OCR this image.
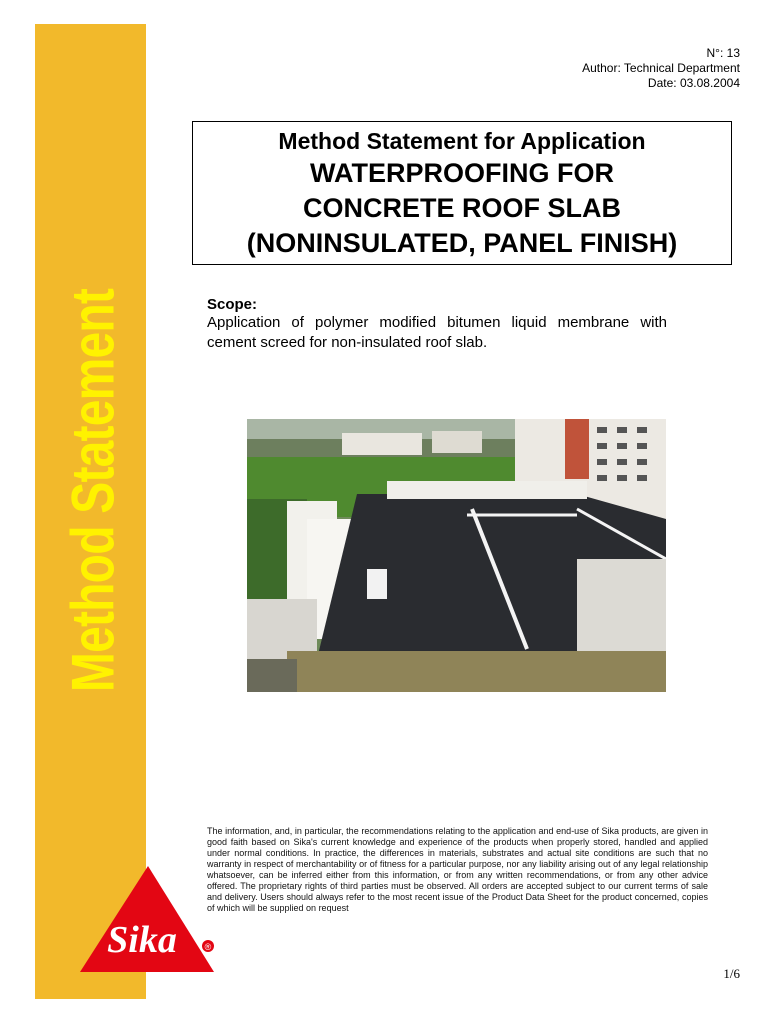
Method Statement
N°: 13
Author: Technical Department
Date: 03.08.2004
Method Statement for Application
WATERPROOFING FOR
CONCRETE ROOF SLAB
(NONINSULATED, PANEL FINISH)
Scope:
Application of polymer modified bitumen liquid membrane with cement screed for non-insulated roof slab.
The information, and, in particular, the recommendations relating to the application and end-use of Sika products, are given in good faith based on Sika's current knowledge and experience of the products when properly stored, handled and applied under normal conditions. In practice, the differences in materials, substrates and actual site conditions are such that no warranty in respect of merchantability or of fitness for a particular purpose, nor any liability arising out of any legal relationship whatsoever, can be inferred either from this information, or from any written recommendations, or from any other advice offered. The proprietary rights of third parties must be observed. All orders are accepted subject to our current terms of sale and delivery. Users should always refer to the most recent issue of the Product Data Sheet for the product concerned, copies of which will be supplied on request
Sika	®
1/6
